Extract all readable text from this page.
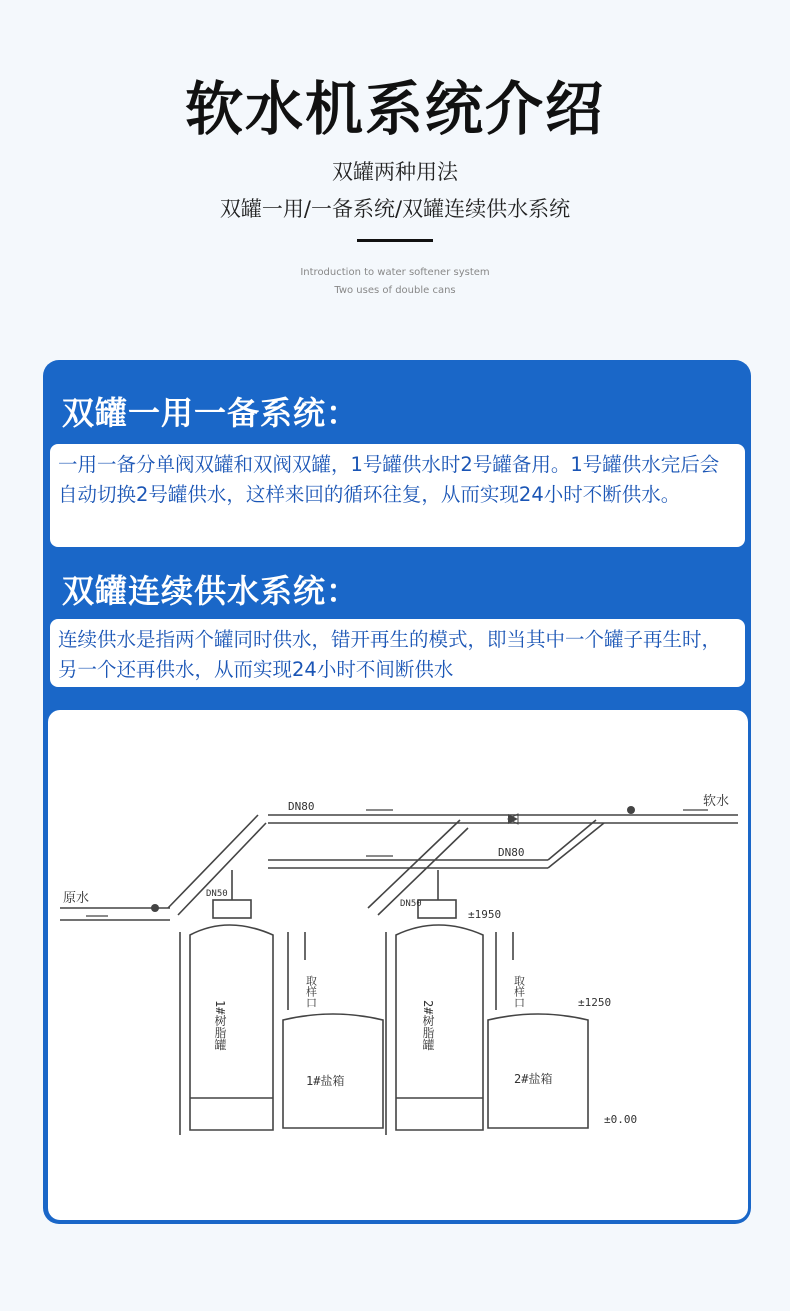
软水机系统介绍
双罐两种用法
双罐一用/一备系统/双罐连续供水系统
Introduction to water softener system
Two uses of double cans
双罐一用一备系统：
一用一备分单阀双罐和双阀双罐，1号罐供水时2号罐备用。1号罐供水完后会自动切换2号罐供水，这样来回的循环往复，从而实现24小时不断供水。
双罐连续供水系统：
连续供水是指两个罐同时供水，错开再生的模式，即当其中一个罐子再生时，另一个还再供水，从而实现24小时不间断供水
原水
软水
DN80
DN80
DN50
DN50
1#树脂罐	2#树脂罐
取样口	取样口
1#盐箱	2#盐箱
±1950
±1250
±0.00
